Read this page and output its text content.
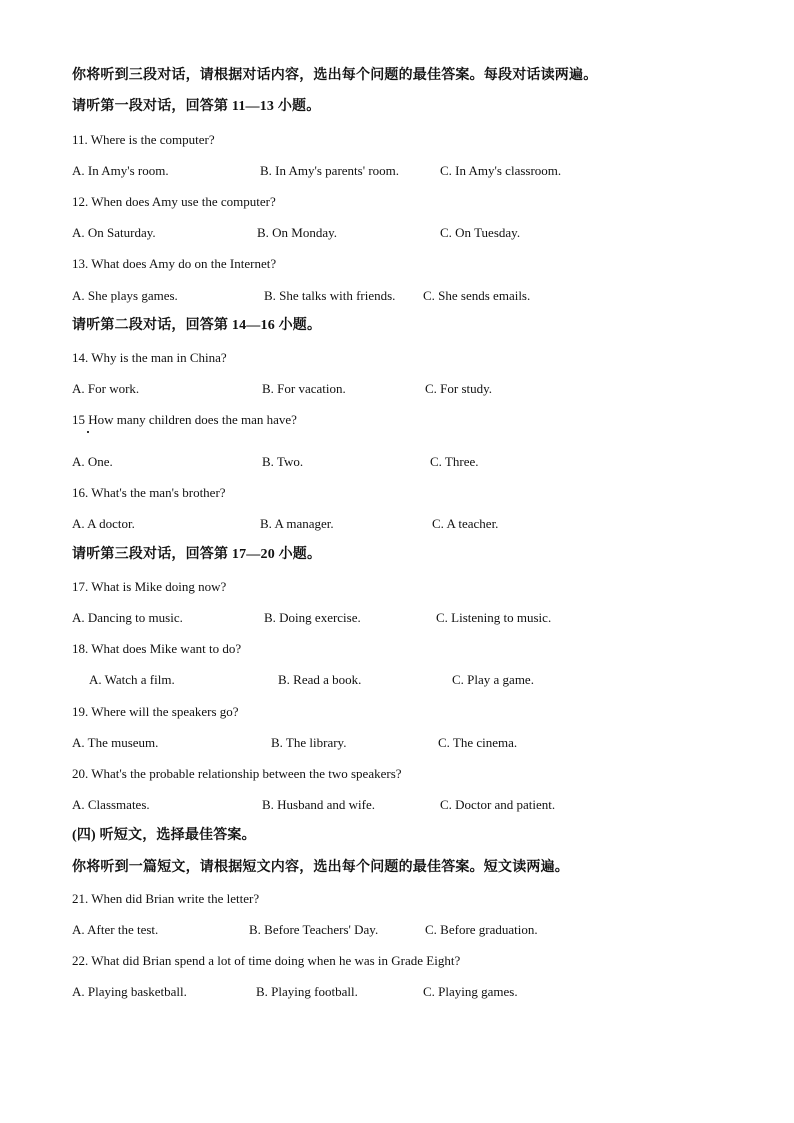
你将听到三段对话，请根据对话内容，选出每个问题的最佳答案。每段对话读两遍。
请听第一段对话，回答第 11—13 小题。
11. Where is the computer?
A. In Amy's room.	B. In Amy's parents' room.	C. In Amy's classroom.
12. When does Amy use the computer?
A. On Saturday.	B. On Monday.	C. On Tuesday.
13. What does Amy do on the Internet?
A. She plays games.	B. She talks with friends. C. She sends emails.
请听第二段对话，回答第 14—16 小题。
14. Why is the man in China?
A. For work.	B. For vacation.	C. For study.
15 How many children does the man have?
A. One.	B. Two.	C. Three.
16. What's the man's brother?
A. A doctor.	B. A manager.	C. A teacher.
请听第三段对话，回答第 17—20 小题。
17. What is Mike doing now?
A. Dancing to music.	B. Doing exercise.	C. Listening to music.
18. What does Mike want to do?
A. Watch a film.	B. Read a book.	C. Play a game.
19. Where will the speakers go?
A. The museum.	B. The library.	C. The cinema.
20. What's the probable relationship between the two speakers?
A. Classmates.	B. Husband and wife.	C. Doctor and patient.
(四) 听短文，选择最佳答案。
你将听到一篇短文，请根据短文内容，选出每个问题的最佳答案。短文读两遍。
21. When did Brian write the letter?
A. After the test.	B. Before Teachers' Day.	C. Before graduation.
22. What did Brian spend a lot of time doing when he was in Grade Eight?
A. Playing basketball.	B. Playing football.	C. Playing games.
